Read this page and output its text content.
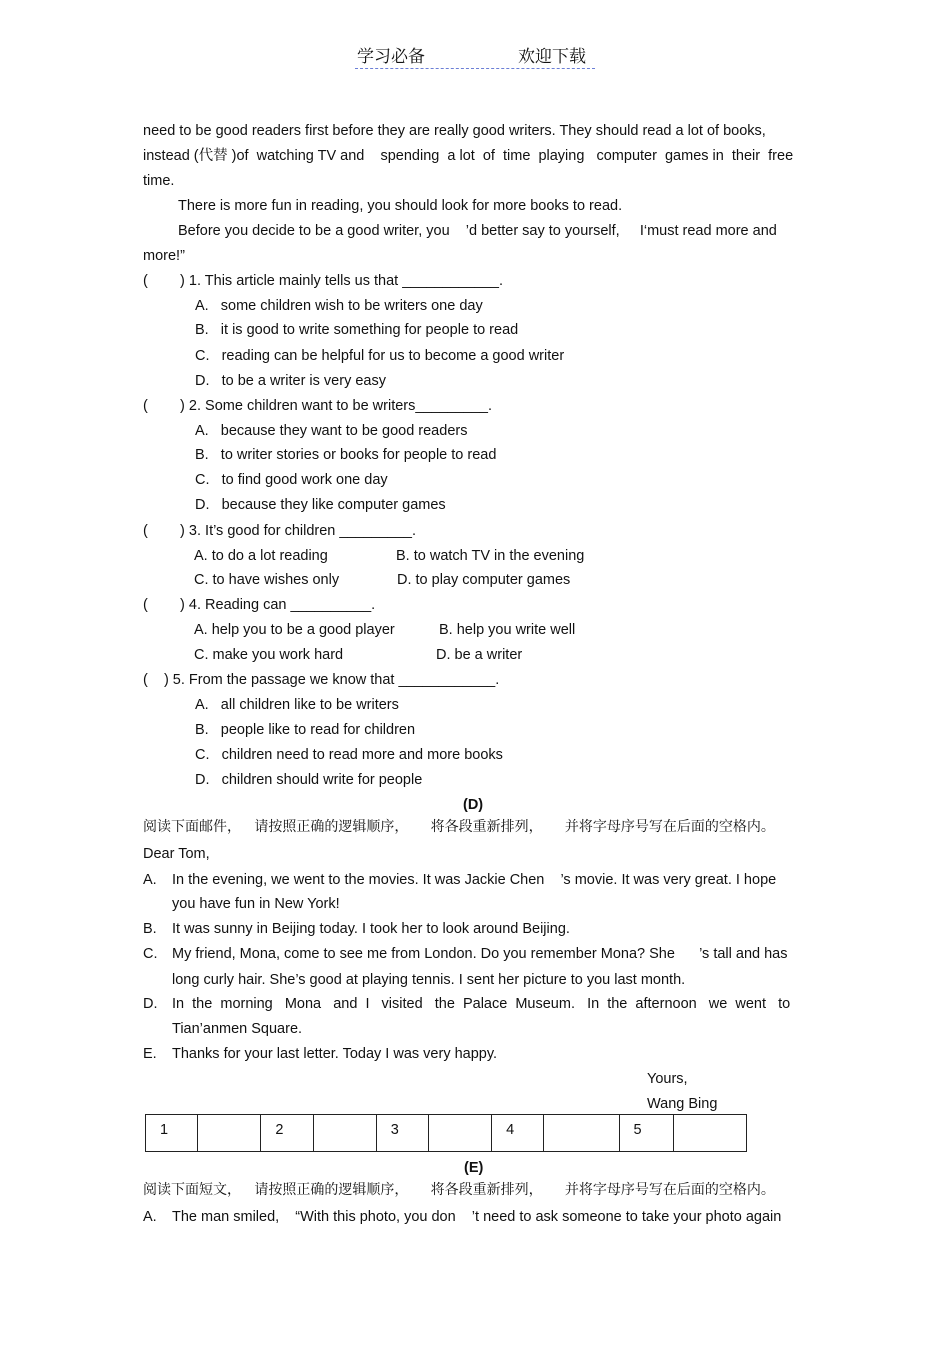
学习必备	欢迎下载
need to be good readers first before they are really good writers. They should read a lot of books,
instead (代替 )of  watching TV and    spending  a lot  of  time  playing   computer  games in  their  free
time.
There is more fun in reading, you should look for more books to read.
Before you decide to be a good writer, you    ’d better say to yourself,     I‘must read more and
more!”
(        ) 1. This article mainly tells us that ____________.
A.   some children wish to be writers one day
B.   it is good to write something for people to read
C.   reading can be helpful for us to become a good writer
D.   to be a writer is very easy
(        ) 2. Some children want to be writers_________.
A.   because they want to be good readers
B.   to writer stories or books for people to read
C.   to find good work one day
D.   because they like computer games
(        ) 3. It’s good for children _________.
A. to do a lot reading	B. to watch TV in the evening
C. to have wishes only	D. to play computer games
(        ) 4. Reading can __________.
A. help you to be a good player	B. help you write well
C. make you work hard	D. be a writer
(    ) 5. From the passage we know that ____________.
A.   all children like to be writers
B.   people like to read for children
C.   children need to read more and more books
D.   children should write for people
(D)
阅读下面邮件，   请按照正确的逻辑顺序，     将各段重新排列，     并将字母序号写在后面的空格内。
Dear Tom,
A. In the evening, we went to the movies. It was Jackie Chen    ’s movie. It was very great. I hope
you have fun in New York!
B. It was sunny in Beijing today. I took her to look around Beijing.
C. My friend, Mona, come to see me from London. Do you remember Mona? She      ’s tall and has
long curly hair. She’s good at playing tennis. I sent her picture to you last month.
D. In  the  morning   Mona   and  I   visited   the  Palace  Museum.   In  the  afternoon   we  went   to
Tian’anmen Square.
E. Thanks for your last letter. Today I was very happy.
Yours,
Wang Bing
1		2		3		4		5	
(E)
阅读下面短文，   请按照正确的逻辑顺序，     将各段重新排列，     并将字母序号写在后面的空格内。
A. The man smiled,    “With this photo, you don    ’t need to ask someone to take your photo again
